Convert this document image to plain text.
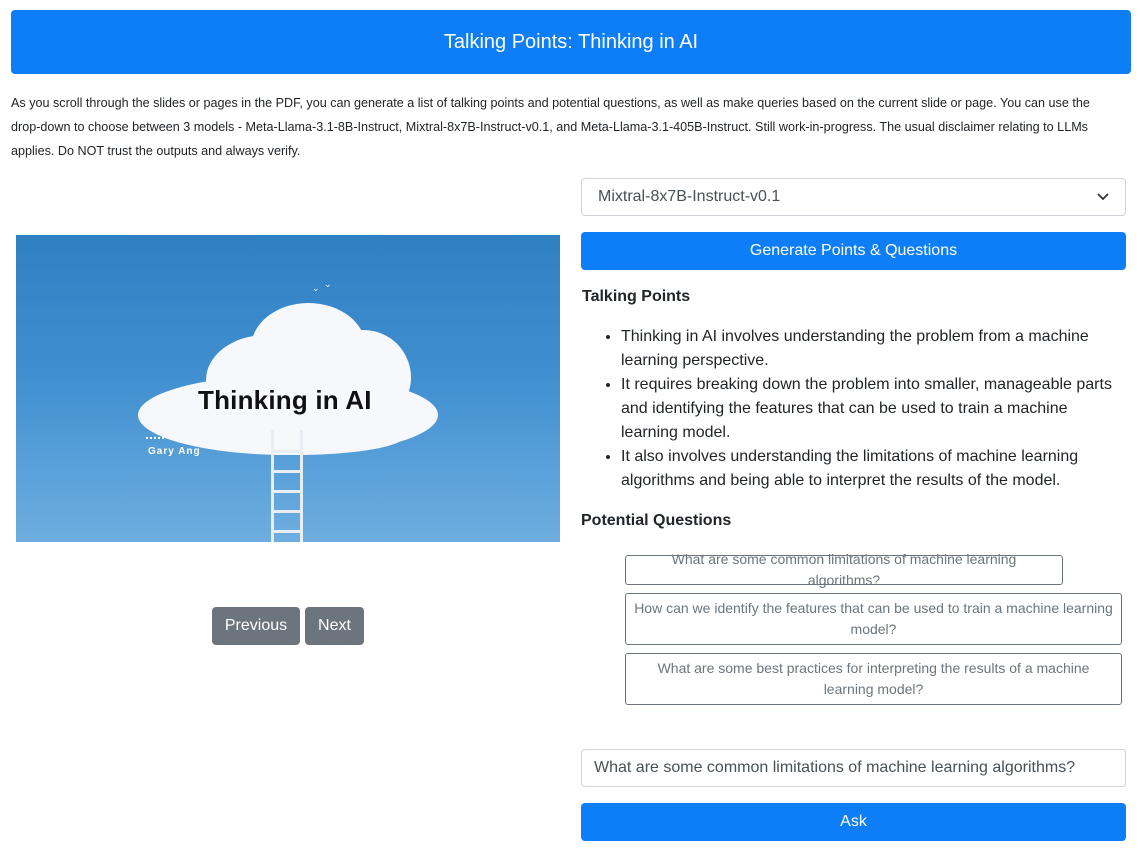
Talking Points: Thinking in AI

As you scroll through the slides or pages in the PDF, you can generate a list of talking points and potential questions, as well as make queries based on the current slide or page. You can use the drop-down to choose between 3 models - Meta-Llama-3.1-8B-Instruct, Mixtral-8x7B-Instruct-v0.1, and Meta-Llama-3.1-405B-Instruct. Still work-in-progress. The usual disclaimer relating to LLMs applies. Do NOT trust the outputs and always verify.

⌄ ⌄
Thinking in AI
Gary Ang
Previous	Next
Mixtral-8x7B-Instruct-v0.1
Generate Points & Questions
Talking Points
• Thinking in AI involves understanding the problem from a machine learning perspective.
• It requires breaking down the problem into smaller, manageable parts and identifying the features that can be used to train a machine learning model.
• It also involves understanding the limitations of machine learning algorithms and being able to interpret the results of the model.
Potential Questions
What are some common limitations of machine learning algorithms?
How can we identify the features that can be used to train a machine learning model?
What are some best practices for interpreting the results of a machine learning model?
What are some common limitations of machine learning algorithms?
Ask
